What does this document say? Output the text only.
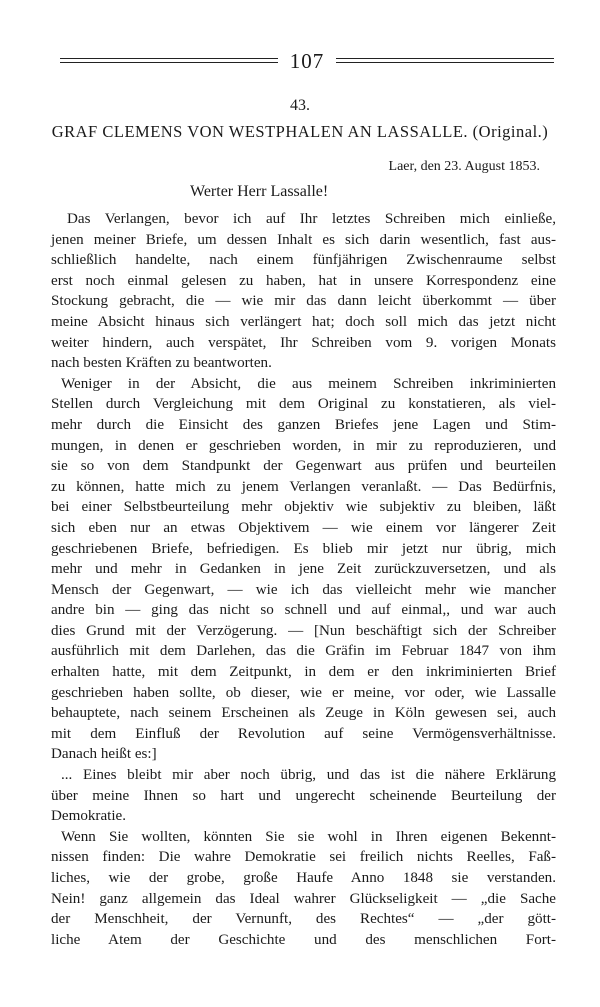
107
43.
GRAF CLEMENS VON WESTPHALEN AN LASSALLE. (Original.)
Laer, den 23. August 1853.
Werter Herr Lassalle!
Das Verlangen, bevor ich auf Ihr letztes Schreiben mich einließe,
jenen meiner Briefe, um dessen Inhalt es sich darin wesentlich, fast aus-
schließlich handelte, nach einem fünfjährigen Zwischenraume selbst
erst noch einmal gelesen zu haben, hat in unsere Korrespondenz eine
Stockung gebracht, die — wie mir das dann leicht überkommt — über
meine Absicht hinaus sich verlängert hat; doch soll mich das jetzt nicht
weiter hindern, auch verspätet, Ihr Schreiben vom 9. vorigen Monats
nach besten Kräften zu beantworten.
Weniger in der Absicht, die aus meinem Schreiben inkriminierten
Stellen durch Vergleichung mit dem Original zu konstatieren, als viel-
mehr durch die Einsicht des ganzen Briefes jene Lagen und Stim-
mungen, in denen er geschrieben worden, in mir zu reproduzieren, und
sie so von dem Standpunkt der Gegenwart aus prüfen und beurteilen
zu können, hatte mich zu jenem Verlangen veranlaßt. — Das Bedürfnis,
bei einer Selbstbeurteilung mehr objektiv wie subjektiv zu bleiben, läßt
sich eben nur an etwas Objektivem — wie einem vor längerer Zeit
geschriebenen Briefe, befriedigen. Es blieb mir jetzt nur übrig, mich
mehr und mehr in Gedanken in jene Zeit zurückzuversetzen, und als
Mensch der Gegenwart, — wie ich das vielleicht mehr wie mancher
andre bin — ging das nicht so schnell und auf einmal,, und war auch
dies Grund mit der Verzögerung. — [Nun beschäftigt sich der Schreiber
ausführlich mit dem Darlehen, das die Gräfin im Februar 1847 von ihm
erhalten hatte, mit dem Zeitpunkt, in dem er den inkriminierten Brief
geschrieben haben sollte, ob dieser, wie er meine, vor oder, wie Lassalle
behauptete, nach seinem Erscheinen als Zeuge in Köln gewesen sei, auch
mit dem Einfluß der Revolution auf seine Vermögensverhältnisse.
Danach heißt es:]
... Eines bleibt mir aber noch übrig, und das ist die nähere Erklärung
über meine Ihnen so hart und ungerecht scheinende Beurteilung der
Demokratie.
Wenn Sie wollten, könnten Sie sie wohl in Ihren eigenen Bekennt-
nissen finden: Die wahre Demokratie sei freilich nichts Reelles, Faß-
liches, wie der grobe, große Haufe Anno 1848 sie verstanden.
Nein! ganz allgemein das Ideal wahrer Glückseligkeit — „die Sache
der Menschheit, der Vernunft, des Rechtes“ — „der gött-
liche Atem der Geschichte und des menschlichen Fort-
